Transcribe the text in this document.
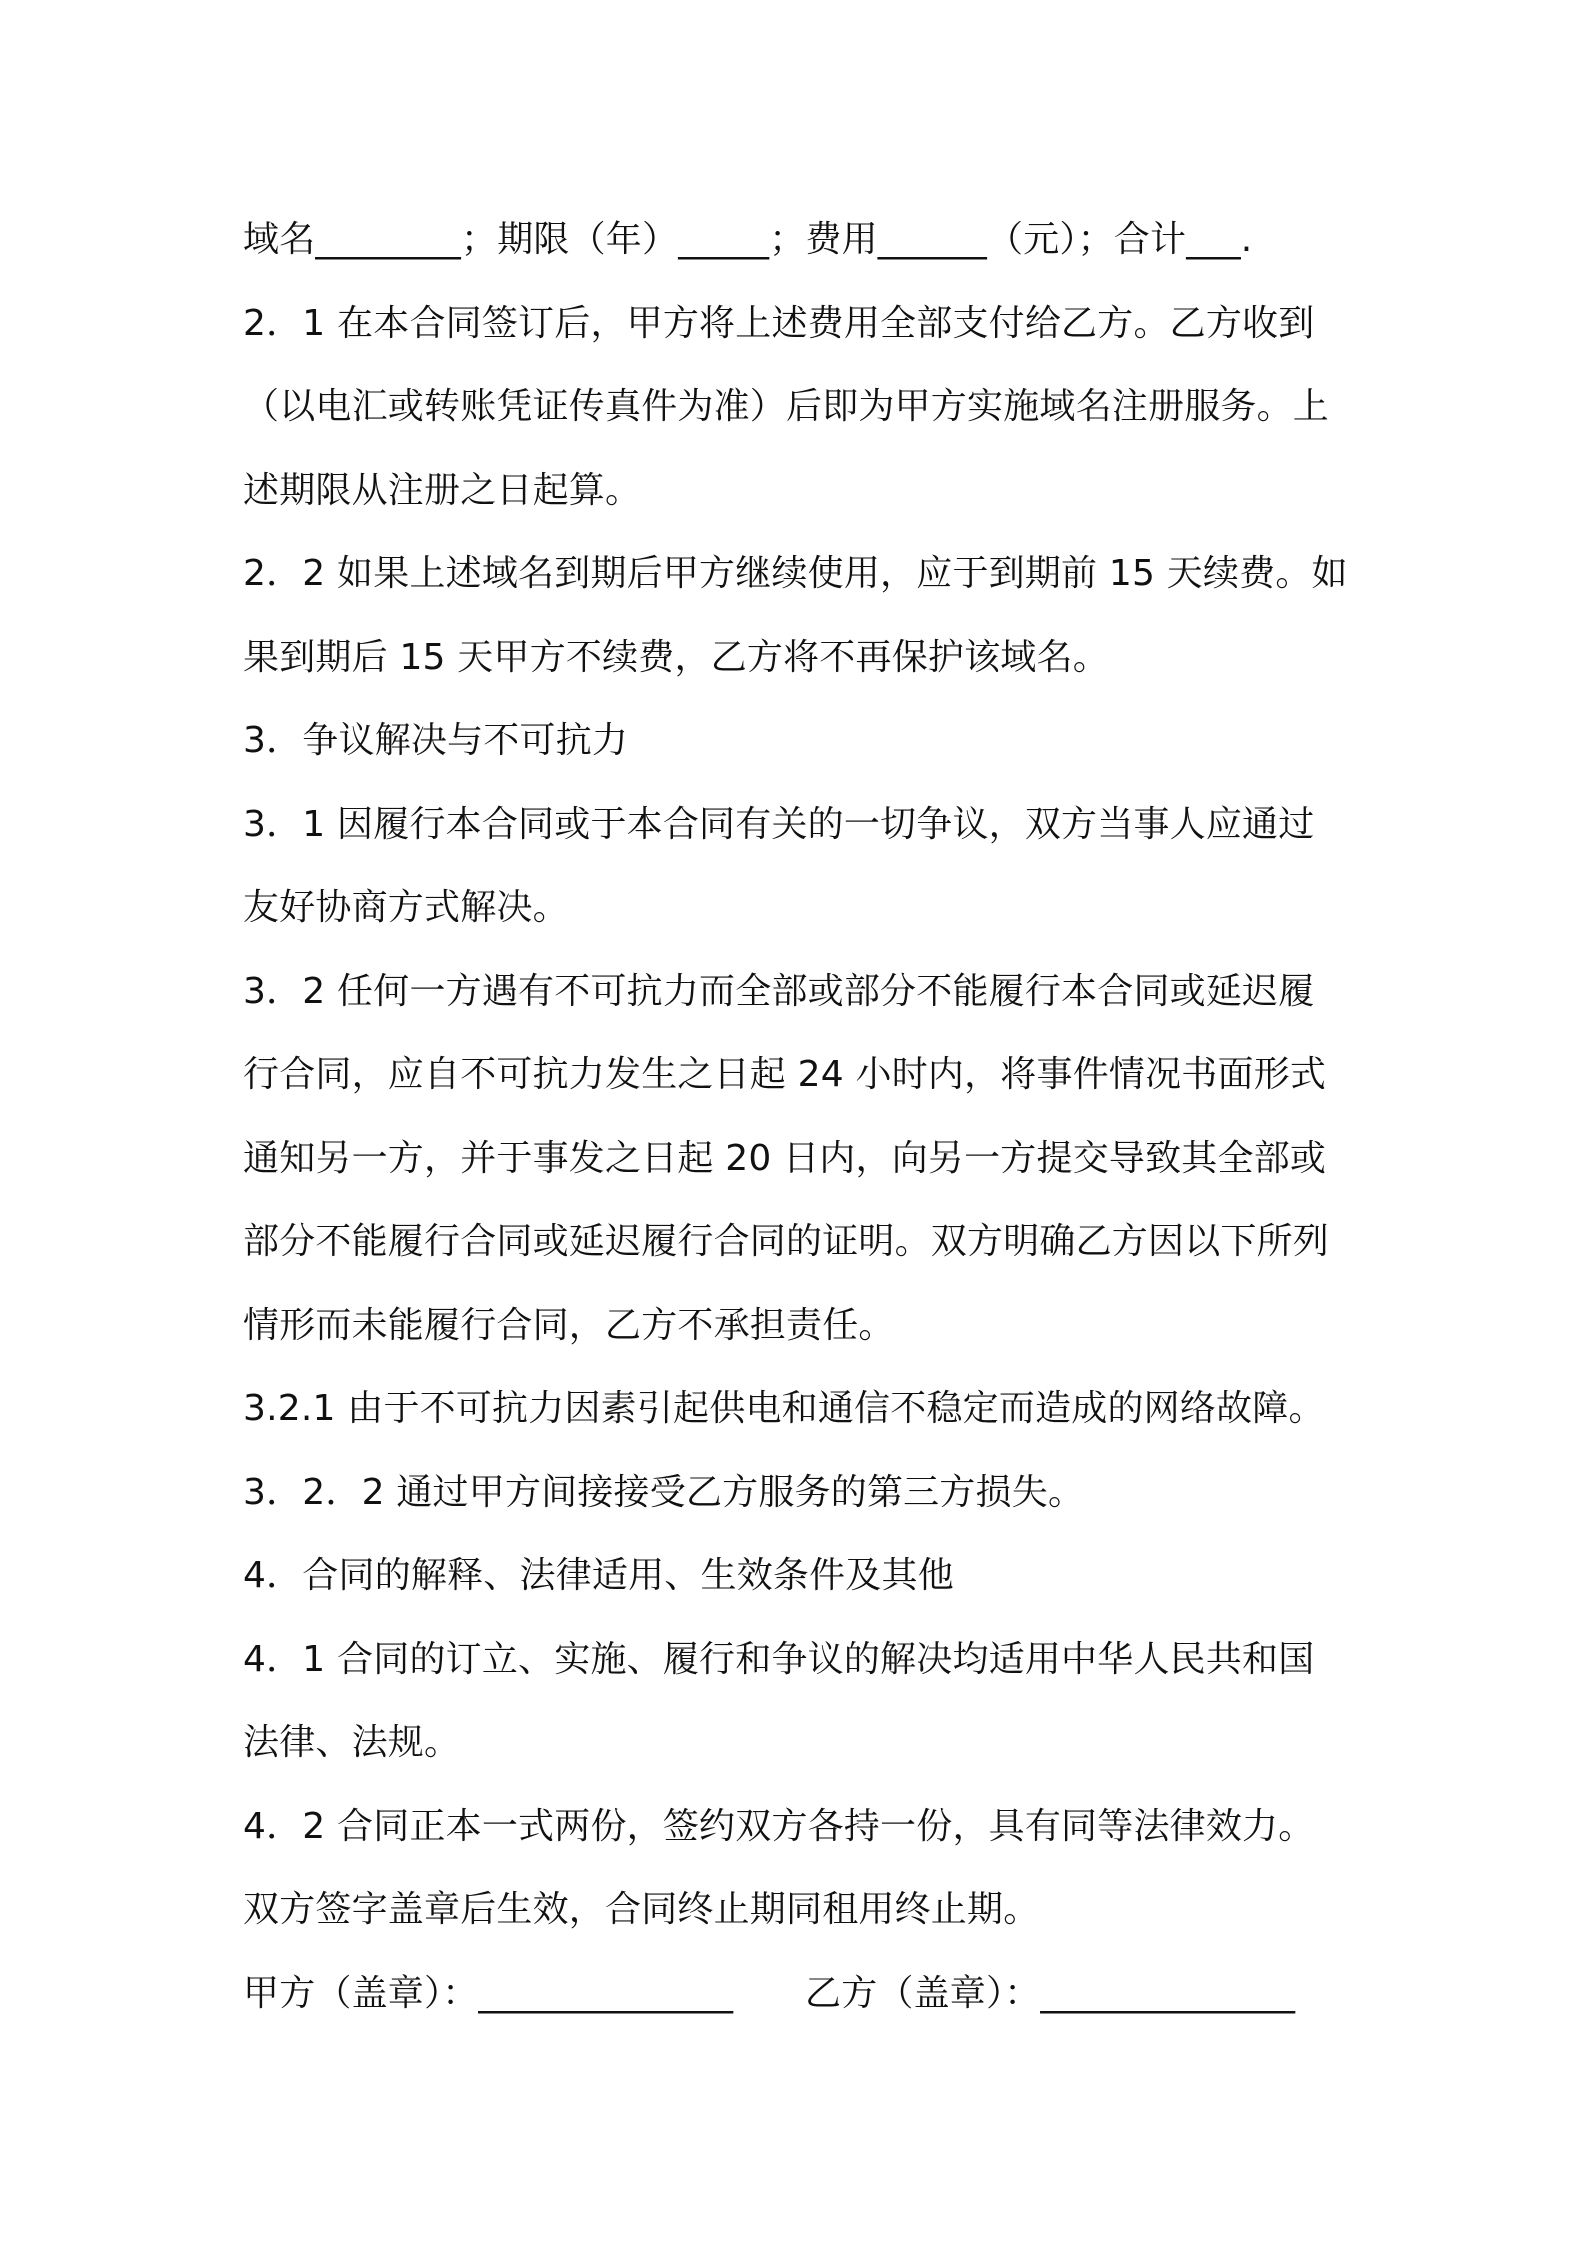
域名________；期限（年）_____；费用______（元）；合计___.
2．1 在本合同签订后，甲方将上述费用全部支付给乙方。乙方收到
（以电汇或转账凭证传真件为准）后即为甲方实施域名注册服务。上
述期限从注册之日起算。
2．2 如果上述域名到期后甲方继续使用，应于到期前 15 天续费。如
果到期后 15 天甲方不续费，乙方将不再保护该域名。
3．争议解决与不可抗力
3．1 因履行本合同或于本合同有关的一切争议，双方当事人应通过
友好协商方式解决。
3．2 任何一方遇有不可抗力而全部或部分不能履行本合同或延迟履
行合同，应自不可抗力发生之日起 24 小时内，将事件情况书面形式
通知另一方，并于事发之日起 20 日内，向另一方提交导致其全部或
部分不能履行合同或延迟履行合同的证明。双方明确乙方因以下所列
情形而未能履行合同，乙方不承担责任。
3.2.1 由于不可抗力因素引起供电和通信不稳定而造成的网络故障。
3．2．2 通过甲方间接接受乙方服务的第三方损失。
4．合同的解释、法律适用、生效条件及其他
4．1 合同的订立、实施、履行和争议的解决均适用中华人民共和国
法律、法规。
4．2 合同正本一式两份，签约双方各持一份，具有同等法律效力。
双方签字盖章后生效，合同终止期同租用终止期。
甲方（盖章）：______________	乙方（盖章）：______________
